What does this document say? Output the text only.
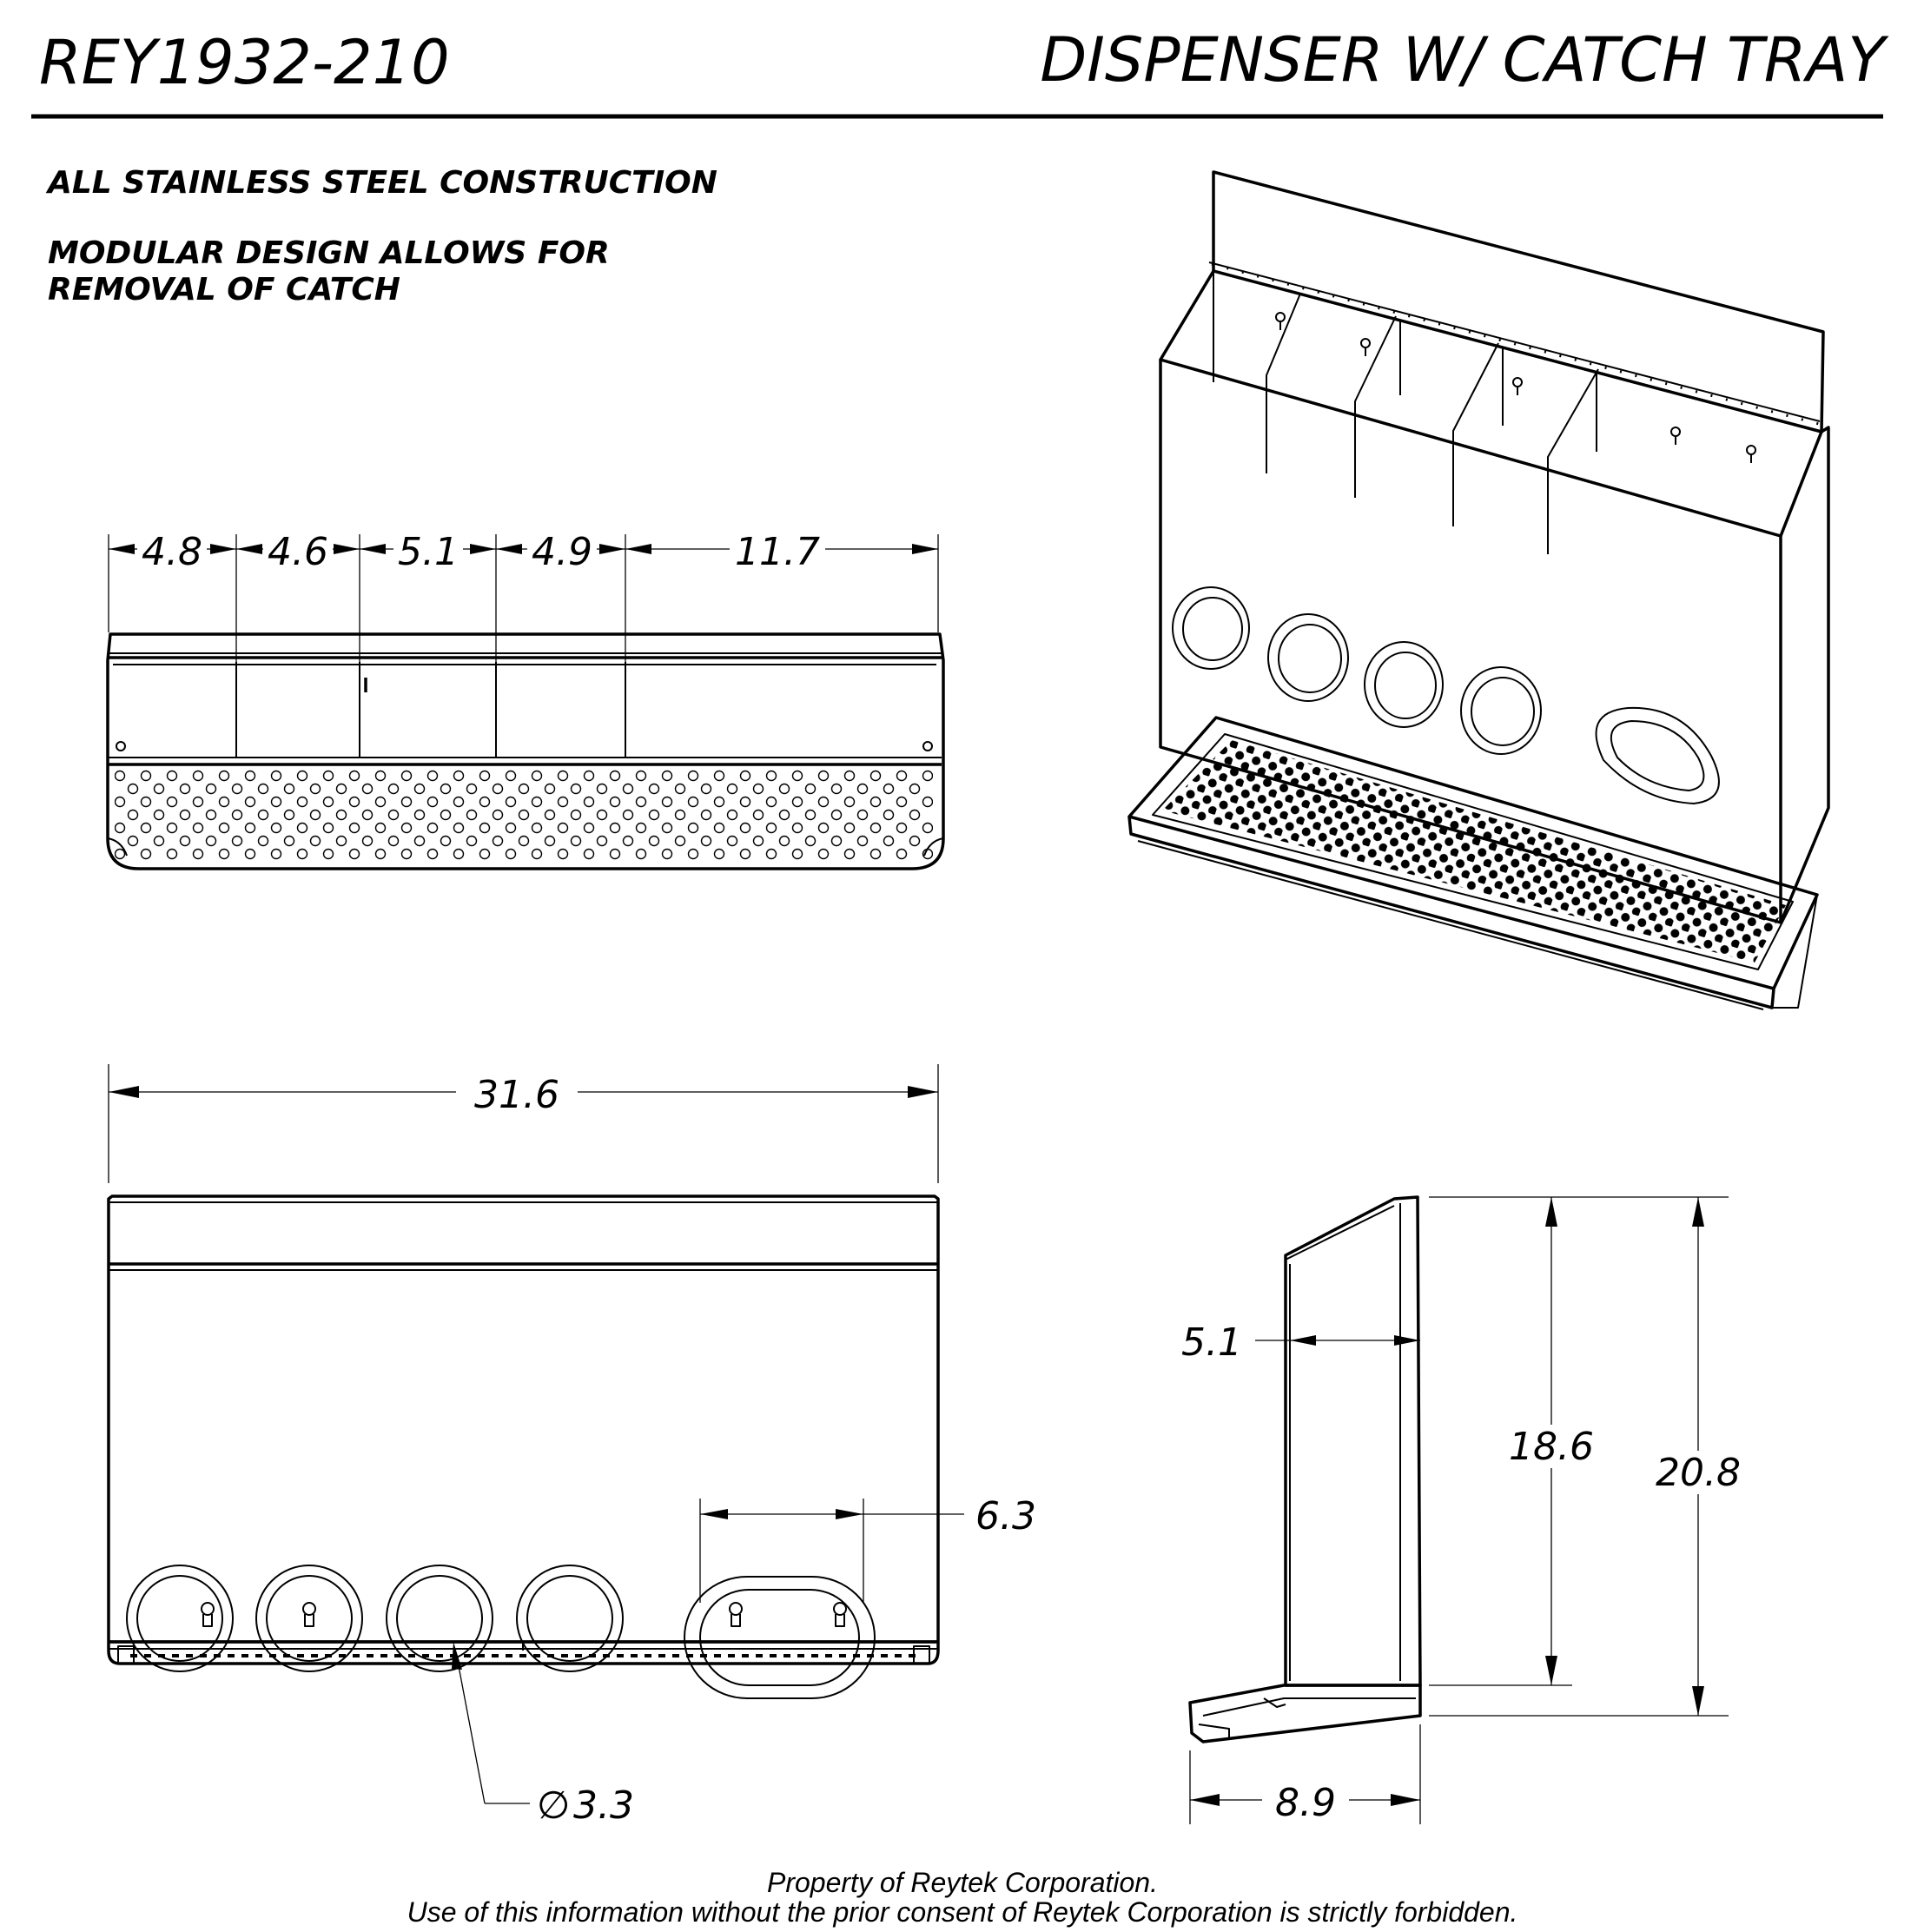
REY1932-210	DISPENSER W/ CATCH TRAY
ALL STAINLESS STEEL CONSTRUCTION
MODULAR DESIGN ALLOWS FOR
REMOVAL OF CATCH
4.8 4.6 5.1 4.9	11.7
31.6
6.3
∅ 3.3
5.1
18.6
20.8
8.9
Property of Reytek Corporation.
Use of this information without the prior consent of Reytek Corporation is strictly forbidden.
